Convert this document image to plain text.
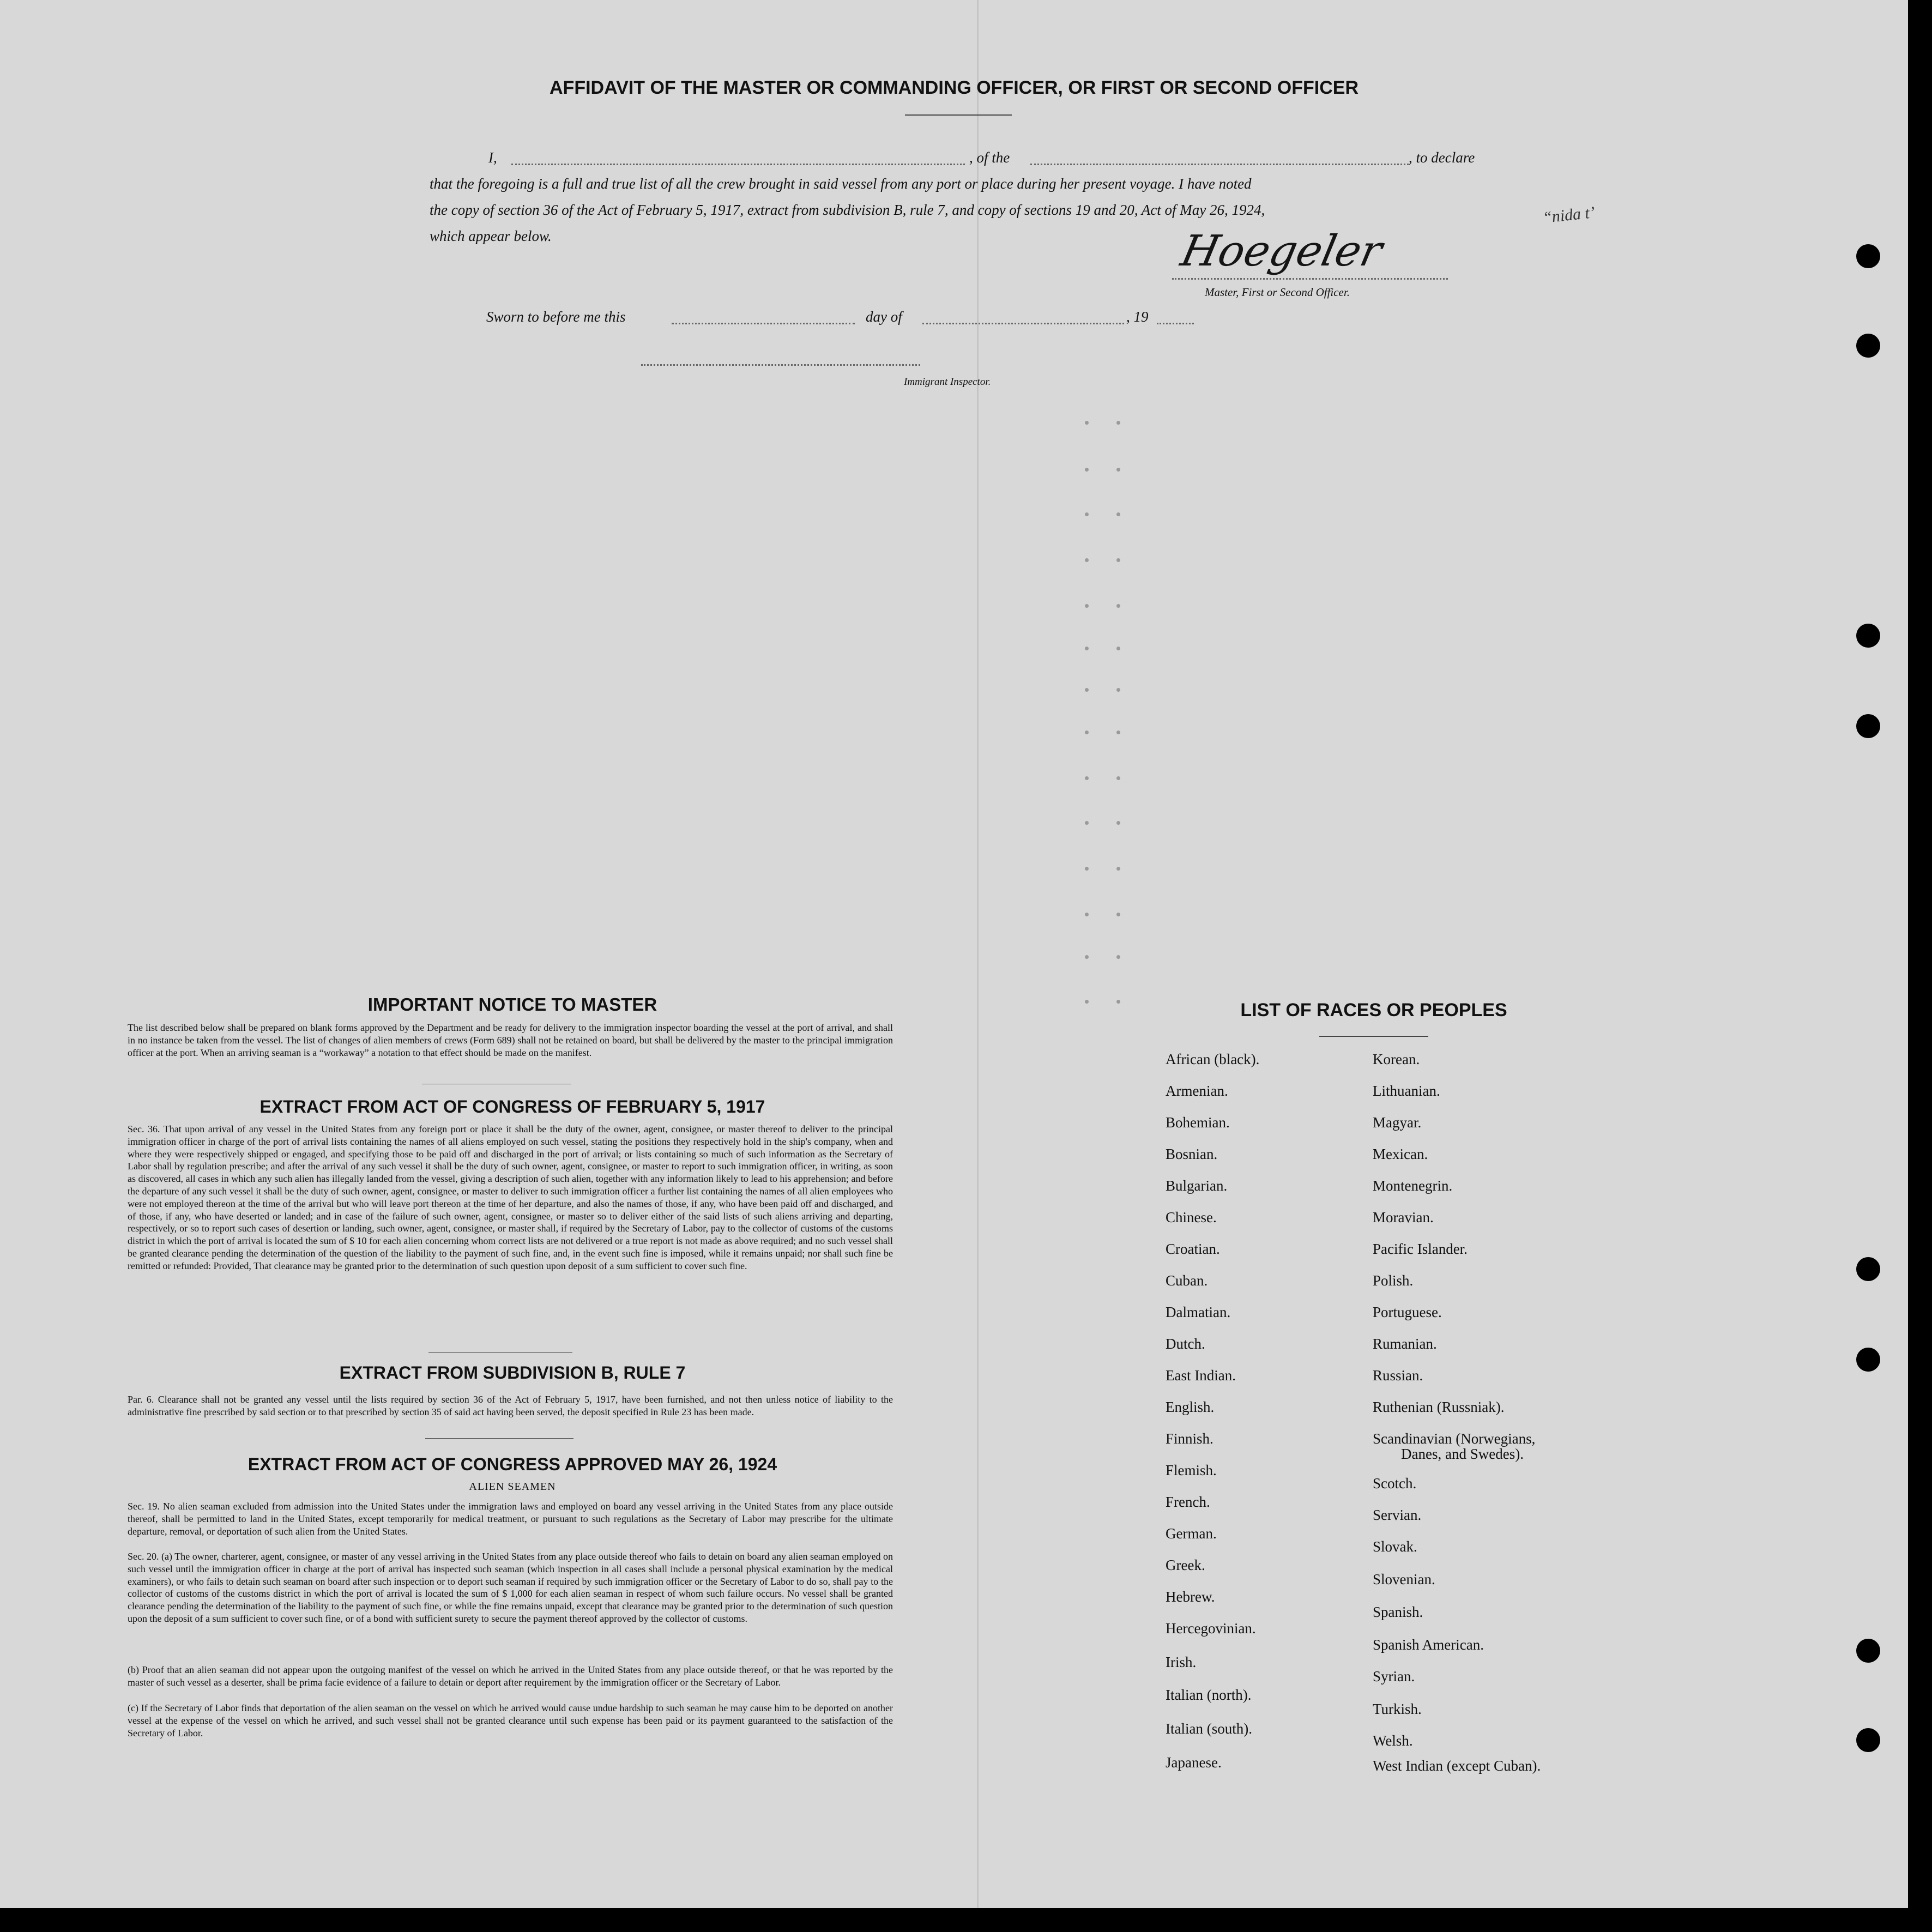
AFFIDAVIT OF THE MASTER OR COMMANDING OFFICER, OR FIRST OR SECOND OFFICER
I,	, of the	, to declare
that the foregoing is a full and true list of all the crew brought in said vessel from any port or place during her present voyage. I have noted
the copy of section 36 of the Act of February 5, 1917, extract from subdivision B, rule 7, and copy of sections 19 and 20, Act of May 26, 1924,
which appear below.	Hoegeler
Master, First or Second Officer.
Sworn to before me this	day of	, 19
Immigrant Inspector.
“nida t’
IMPORTANT NOTICE TO MASTER

The list described below shall be prepared on blank forms approved by the Department and be ready for delivery to the immigration inspector boarding the vessel at the port of arrival, and shall in no instance be taken from the vessel. The list of changes of alien members of crews (Form 689) shall not be retained on board, but shall be delivered by the master to the principal immigration officer at the port. When an arriving seaman is a “workaway” a notation to that effect should be made on the manifest.

EXTRACT FROM ACT OF CONGRESS OF FEBRUARY 5, 1917

Sec. 36. That upon arrival of any vessel in the United States from any foreign port or place it shall be the duty of the owner, agent, consignee, or master thereof to deliver to the principal immigration officer in charge of the port of arrival lists containing the names of all aliens employed on such vessel, stating the positions they respectively hold in the ship's company, when and where they were respectively shipped or engaged, and specifying those to be paid off and discharged in the port of arrival; or lists containing so much of such information as the Secretary of Labor shall by regulation prescribe; and after the arrival of any such vessel it shall be the duty of such owner, agent, consignee, or master to report to such immigration officer, in writing, as soon as discovered, all cases in which any such alien has illegally landed from the vessel, giving a description of such alien, together with any information likely to lead to his apprehension; and before the departure of any such vessel it shall be the duty of such owner, agent, consignee, or master to deliver to such immigration officer a further list containing the names of all alien employees who were not employed thereon at the time of the arrival but who will leave port thereon at the time of her departure, and also the names of those, if any, who have been paid off and discharged, and of those, if any, who have deserted or landed; and in case of the failure of such owner, agent, consignee, or master so to deliver either of the said lists of such aliens arriving and departing, respectively, or so to report such cases of desertion or landing, such owner, agent, consignee, or master shall, if required by the Secretary of Labor, pay to the collector of customs of the customs district in which the port of arrival is located the sum of $ 10 for each alien concerning whom correct lists are not delivered or a true report is not made as above required; and no such vessel shall be granted clearance pending the determination of the question of the liability to the payment of such fine, and, in the event such fine is imposed, while it remains unpaid; nor shall such fine be remitted or refunded: Provided, That clearance may be granted prior to the determination of such question upon deposit of a sum sufficient to cover such fine.

EXTRACT FROM SUBDIVISION B, RULE 7

Par. 6. Clearance shall not be granted any vessel until the lists required by section 36 of the Act of February 5, 1917, have been furnished, and not then unless notice of liability to the administrative fine prescribed by said section or to that prescribed by section 35 of said act having been served, the deposit specified in Rule 23 has been made.

EXTRACT FROM ACT OF CONGRESS APPROVED MAY 26, 1924
ALIEN SEAMEN

Sec. 19. No alien seaman excluded from admission into the United States under the immigration laws and employed on board any vessel arriving in the United States from any place outside thereof, shall be permitted to land in the United States, except temporarily for medical treatment, or pursuant to such regulations as the Secretary of Labor may prescribe for the ultimate departure, removal, or deportation of such alien from the United States.

Sec. 20. (a) The owner, charterer, agent, consignee, or master of any vessel arriving in the United States from any place outside thereof who fails to detain on board any alien seaman employed on such vessel until the immigration officer in charge at the port of arrival has inspected such seaman (which inspection in all cases shall include a personal physical examination by the medical examiners), or who fails to detain such seaman on board after such inspection or to deport such seaman if required by such immigration officer or the Secretary of Labor to do so, shall pay to the collector of customs of the customs district in which the port of arrival is located the sum of $ 1,000 for each alien seaman in respect of whom such failure occurs. No vessel shall be granted clearance pending the determination of the liability to the payment of such fine, or while the fine remains unpaid, except that clearance may be granted prior to the determination of such question upon the deposit of a sum sufficient to cover such fine, or of a bond with sufficient surety to secure the payment thereof approved by the collector of customs.

(b) Proof that an alien seaman did not appear upon the outgoing manifest of the vessel on which he arrived in the United States from any place outside thereof, or that he was reported by the master of such vessel as a deserter, shall be prima facie evidence of a failure to detain or deport after requirement by the immigration officer or the Secretary of Labor.

(c) If the Secretary of Labor finds that deportation of the alien seaman on the vessel on which he arrived would cause undue hardship to such seaman he may cause him to be deported on another vessel at the expense of the vessel on which he arrived, and such vessel shall not be granted clearance until such expense has been paid or its payment guaranteed to the satisfaction of the Secretary of Labor.

LIST OF RACES OR PEOPLES
African (black).
Armenian.
Bohemian.
Bosnian.
Bulgarian.
Chinese.
Croatian.
Cuban.
Dalmatian.
Dutch.
East Indian.
English.
Finnish.
Flemish.
French.
German.
Greek.
Hebrew.
Hercegovinian.
Irish.
Italian (north).
Italian (south).
Japanese.
Korean.
Lithuanian.
Magyar.
Mexican.
Montenegrin.
Moravian.
Pacific Islander.
Polish.
Portuguese.
Rumanian.
Russian.
Ruthenian (Russniak).
Scandinavian (Norwegians,
Danes, and Swedes).
Scotch.
Servian.
Slovak.
Slovenian.
Spanish.
Spanish American.
Syrian.
Turkish.
Welsh.
West Indian (except Cuban).
